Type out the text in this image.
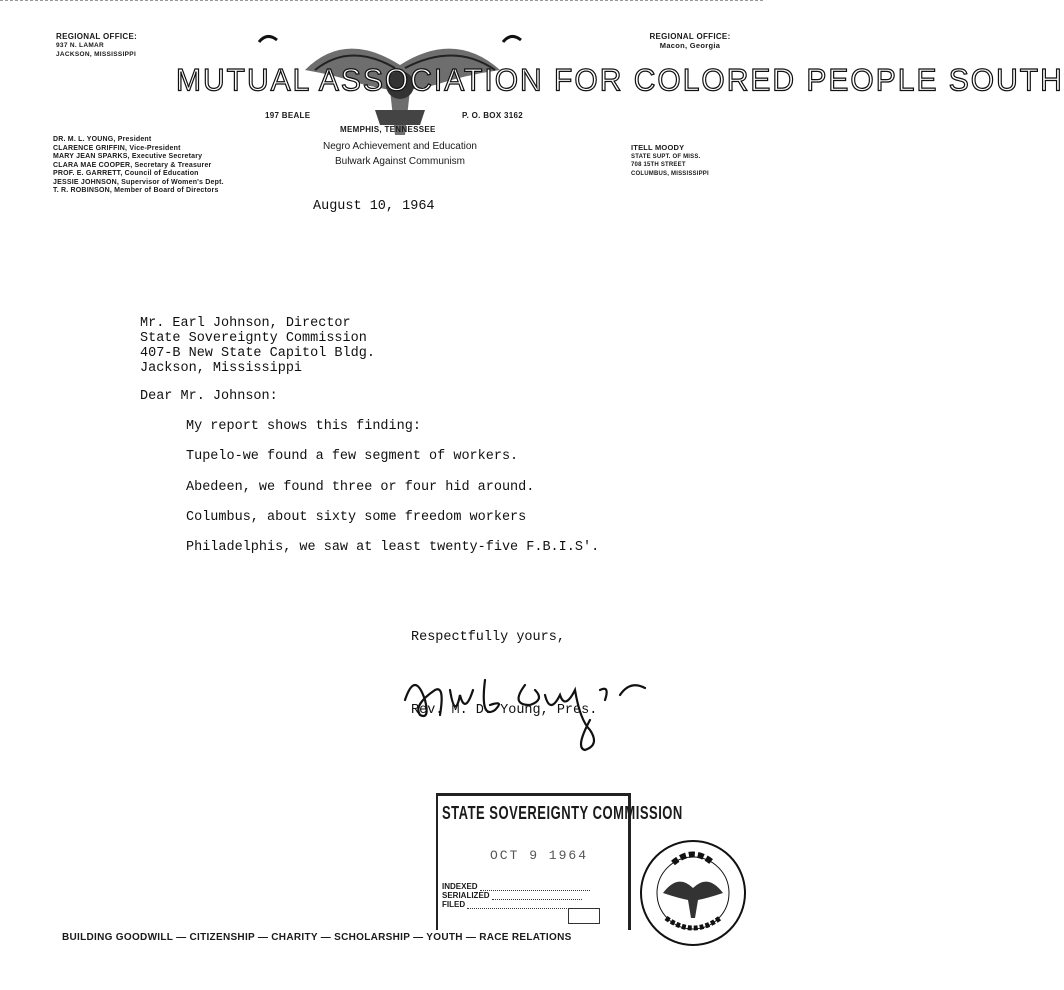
REGIONAL OFFICE:
937 N. LAMAR
JACKSON, MISSISSIPPI
REGIONAL OFFICE:
Macon, Georgia
MUTUAL ASSOCIATION FOR COLORED PEOPLE SOUTH
197 BEALE	P. O. BOX 3162
MEMPHIS, TENNESSEE
Negro Achievement and Education
Bulwark Against Communism
DR. M. L. YOUNG, President
CLARENCE GRIFFIN, Vice-President
MARY JEAN SPARKS, Executive Secretary
CLARA MAE COOPER, Secretary & Treasurer
PROF. E. GARRETT, Council of Education
JESSIE JOHNSON, Supervisor of Women's Dept.
T. R. ROBINSON, Member of Board of Directors
ITELL MOODY
STATE SUPT. OF MISS.
708 15TH STREET
COLUMBUS, MISSISSIPPI
August 10, 1964
Mr. Earl Johnson, Director
State Sovereignty Commission
407-B New State Capitol Bldg.
Jackson, Mississippi
Dear Mr. Johnson:
My report shows this finding:
Tupelo-we found a few segment of workers.
Abedeen, we found three or four hid around.
Columbus, about sixty some freedom workers
Philadelphis, we saw at least twenty-five F.B.I.S'.
Respectfully yours,
Rev. M. D. Young, Pres.
STATE SOVEREIGNTY COMMISSION
OCT 9 1964
INDEXED
SERIALIZED
FILED
BUILDING GOODWILL — CITIZENSHIP — CHARITY — SCHOLARSHIP — YOUTH — RACE RELATIONS
